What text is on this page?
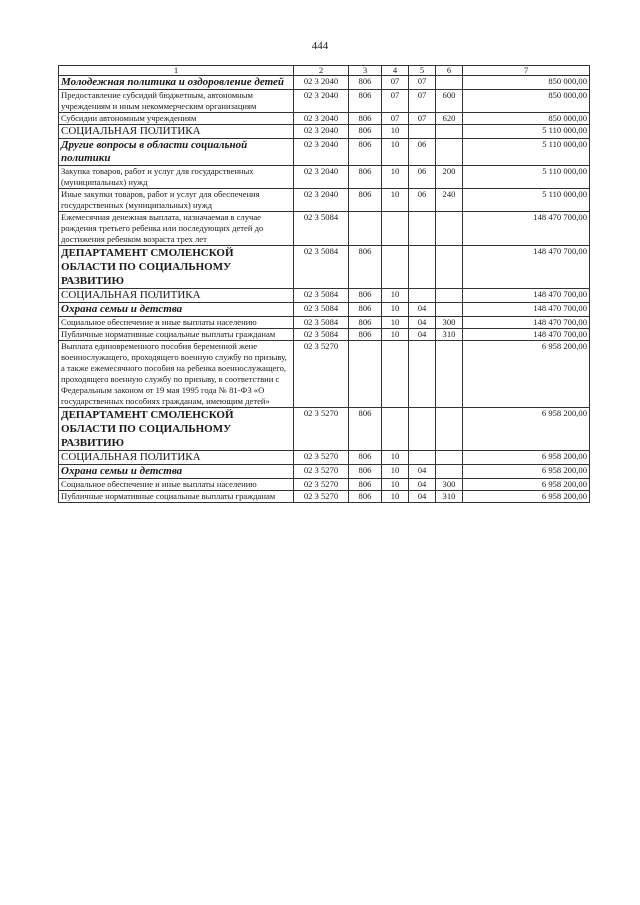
444
1	2	3	4	5	6	7
Молодежная политика и оздоровление детей	02 3 2040	806	07	07		850 000,00
Предоставление субсидий бюджетным, автономным учреждениям и иным некоммерческим организациям	02 3 2040	806	07	07	600	850 000,00
Субсидии автономным учреждениям	02 3 2040	806	07	07	620	850 000,00
СОЦИАЛЬНАЯ ПОЛИТИКА	02 3 2040	806	10			5 110 000,00
Другие вопросы в области социальной политики	02 3 2040	806	10	06		5 110 000,00
Закупка товаров, работ и услуг для государственных (муниципальных) нужд	02 3 2040	806	10	06	200	5 110 000,00
Иные закупки товаров, работ и услуг для обеспечения государственных (муниципальных) нужд	02 3 2040	806	10	06	240	5 110 000,00
Ежемесячная денежная выплата, назначаемая в случае рождения третьего ребенка или последующих детей до достижения ребенком возраста трех лет	02 3 5084					148 470 700,00
ДЕПАРТАМЕНТ СМОЛЕНСКОЙ ОБЛАСТИ ПО СОЦИАЛЬНОМУ РАЗВИТИЮ	02 3 5084	806				148 470 700,00
СОЦИАЛЬНАЯ ПОЛИТИКА	02 3 5084	806	10			148 470 700,00
Охрана семьи и детства	02 3 5084	806	10	04		148 470 700,00
Социальное обеспечение и иные выплаты населению	02 3 5084	806	10	04	300	148 470 700,00
Публичные нормативные социальные выплаты гражданам	02 3 5084	806	10	04	310	148 470 700,00
Выплата единовременного пособия беременной жене военнослужащего, проходящего военную службу по призыву, а также ежемесячного пособия на ребенка военнослужащего, проходящего военную службу по призыву, в соответствии с Федеральным законом от 19 мая 1995 года № 81-ФЗ «О государственных пособиях гражданам, имеющим детей»	02 3 5270					6 958 200,00
ДЕПАРТАМЕНТ СМОЛЕНСКОЙ ОБЛАСТИ ПО СОЦИАЛЬНОМУ РАЗВИТИЮ	02 3 5270	806				6 958 200,00
СОЦИАЛЬНАЯ ПОЛИТИКА	02 3 5270	806	10			6 958 200,00
Охрана семьи и детства	02 3 5270	806	10	04		6 958 200,00
Социальное обеспечение и иные выплаты населению	02 3 5270	806	10	04	300	6 958 200,00
Публичные нормативные социальные выплаты гражданам	02 3 5270	806	10	04	310	6 958 200,00
